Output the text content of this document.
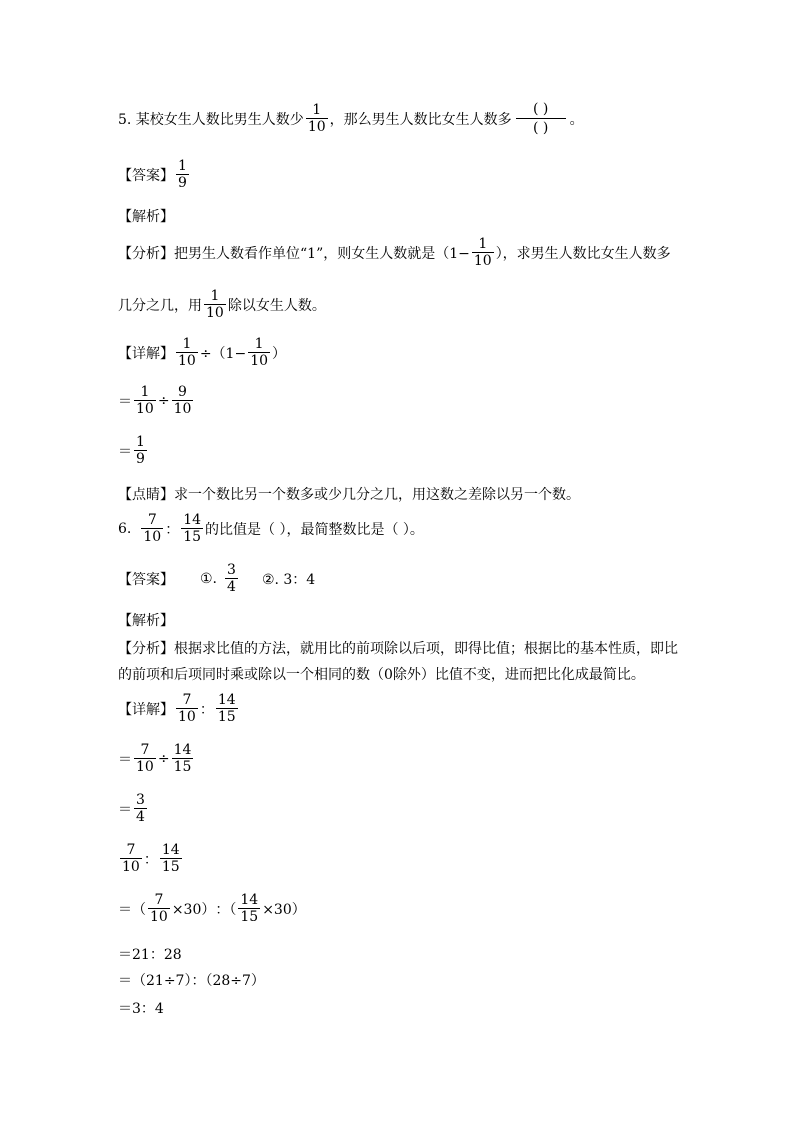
5. 某校女生人数比男生人数少
1
10 ，那么男生人数比女生人数多
( )
( )
。
【答案】
1
9
【解析】
【分析】 把男生人数看作单位“1”，则女生人数就是（$1- \frac{1}{10}$ ），求男生人数比女生人数多
几分之几，用
1
10 除以女生人数。
【详解】 $\frac{1}{10} \div(1- \frac{1}{10}$ ）
＝ $\frac{1}{10} \div \frac{9}{10}$
＝
1
9
【点睛】 求一个数比另一个数多或少几分之几，用这数之差除以另一个数。
6.
7
10 ：
14
15 的比值是（ ），最简整数比是（ ）。
【答案】 ①.
3
4 ②. 3：4
【解析】
【分析】 根据求比值的方法，就用比的前项除以后项，即得比值；根据比的基本性质，即比
的前项和后项同时乘或除以一个相同的数（0除外）比值不变，进而把比化成最简比。
【详解】
7
10 ：
14
15
＝ $\frac{7}{10} \div \frac{14}{15}$
＝
3
4
7
10 ：
14
15
＝（ $\frac{7}{10} \times 30$） ：（ $\frac{14}{15} \times 30$）
＝21：28
＝（21÷7）：（28÷7）
＝3：4
